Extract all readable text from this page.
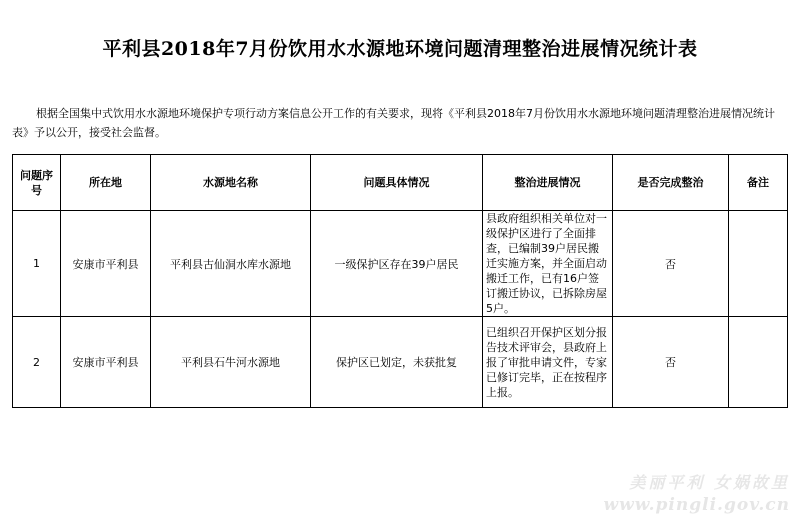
平利县2018年7月份饮用水水源地环境问题清理整治进展情况统计表
根据全国集中式饮用水水源地环境保护专项行动方案信息公开工作的有关要求，现将《平利县2018年7月份饮用水水源地环境问题清理整治进展情况统计表》予以公开，接受社会监督。
问题序号	所在地	水源地名称	问题具体情况	整治进展情况	是否完成整治	备注
1	安康市平利县	平利县古仙洞水库水源地	一级保护区存在39户居民	县政府组织相关单位对一级保护区进行了全面排查，已编制39户居民搬迁实施方案，并全面启动搬迁工作，已有16户签订搬迁协议，已拆除房屋5户。	否	
2	安康市平利县	平利县石牛河水源地	保护区已划定，未获批复	已组织召开保护区划分报告技术评审会，县政府上报了审批申请文件，专家已修订完毕，正在按程序上报。	否	
美丽平利 女娲故里
www.pingli.gov.cn
